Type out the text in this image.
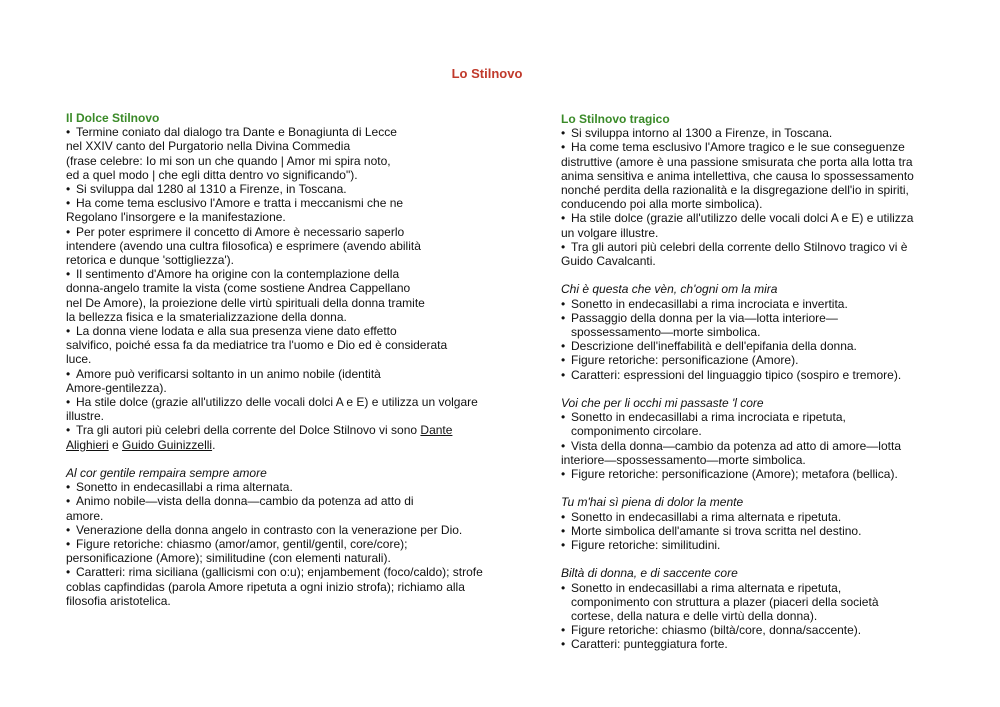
Lo Stilnovo
Il Dolce Stilnovo
• Termine coniato dal dialogo tra Dante e Bonagiunta di Lecce
nel XXIV canto del Purgatorio nella Divina Commedia
(frase celebre: Io mi son un che quando | Amor mi spira noto,
ed a quel modo | che egli ditta dentro vo significando").
• Si sviluppa dal 1280 al 1310 a Firenze, in Toscana.
• Ha come tema esclusivo l'Amore e tratta i meccanismi che ne
Regolano l'insorgere e la manifestazione.
• Per poter esprimere il concetto di Amore è necessario saperlo
intendere (avendo una cultra filosofica) e esprimere (avendo abilità
retorica e dunque 'sottigliezza').
• Il sentimento d'Amore ha origine con la contemplazione della
donna-angelo tramite la vista (come sostiene Andrea Cappellano
nel De Amore), la proiezione delle virtù spirituali della donna tramite
la bellezza fisica e la smaterializzazione della donna.
• La donna viene lodata e alla sua presenza viene dato effetto
salvifico, poiché essa fa da mediatrice tra l'uomo e Dio ed è considerata
luce.
• Amore può verificarsi soltanto in un animo nobile (identità
Amore-gentilezza).
• Ha stile dolce (grazie all'utilizzo delle vocali dolci A e E) e utilizza un volgare
illustre.
• Tra gli autori più celebri della corrente del Dolce Stilnovo vi sono Dante
Alighieri e Guido Guinizzelli.
Al cor gentile rempaira sempre amore
• Sonetto in endecasillabi a rima alternata.
• Animo nobile—vista della donna—cambio da potenza ad atto di
amore.
• Venerazione della donna angelo in contrasto con la venerazione per Dio.
• Figure retoriche: chiasmo (amor/amor, gentil/gentil, core/core);
personificazione (Amore); similitudine (con elementi naturali).
• Caratteri: rima siciliana (gallicismi con o:u); enjambement (foco/caldo); strofe
coblas capfindidas (parola Amore ripetuta a ogni inizio strofa); richiamo alla
filosofia aristotelica.
Lo Stilnovo tragico
• Si sviluppa intorno al 1300 a Firenze, in Toscana.
• Ha come tema esclusivo l'Amore tragico e le sue conseguenze
distruttive (amore è una passione smisurata che porta alla lotta tra
anima sensitiva e anima intellettiva, che causa lo spossessamento
nonché perdita della razionalità e la disgregazione dell'io in spiriti,
conducendo poi alla morte simbolica).
• Ha stile dolce (grazie all'utilizzo delle vocali dolci A e E) e utilizza
un volgare illustre.
• Tra gli autori più celebri della corrente dello Stilnovo tragico vi è
Guido Cavalcanti.
Chi è questa che vèn, ch'ogni om la mira
• Sonetto in endecasillabi a rima incrociata e invertita.
• Passaggio della donna per la via—lotta interiore—
spossessamento—morte simbolica.
• Descrizione dell'ineffabilità e dell'epifania della donna.
• Figure retoriche: personificazione (Amore).
• Caratteri: espressioni del linguaggio tipico (sospiro e tremore).
Voi che per li occhi mi passaste 'l core
• Sonetto in endecasillabi a rima incrociata e ripetuta,
componimento circolare.
• Vista della donna—cambio da potenza ad atto di amore—lotta
interiore—spossessamento—morte simbolica.
• Figure retoriche: personificazione (Amore); metafora (bellica).
Tu m'hai sì piena di dolor la mente
• Sonetto in endecasillabi a rima alternata e ripetuta.
• Morte simbolica dell'amante si trova scritta nel destino.
• Figure retoriche: similitudini.
Biltà di donna, e di saccente core
• Sonetto in endecasillabi a rima alternata e ripetuta,
componimento con struttura a plazer (piaceri della società
cortese, della natura e delle virtù della donna).
• Figure retoriche: chiasmo (biltà/core, donna/saccente).
• Caratteri: punteggiatura forte.
